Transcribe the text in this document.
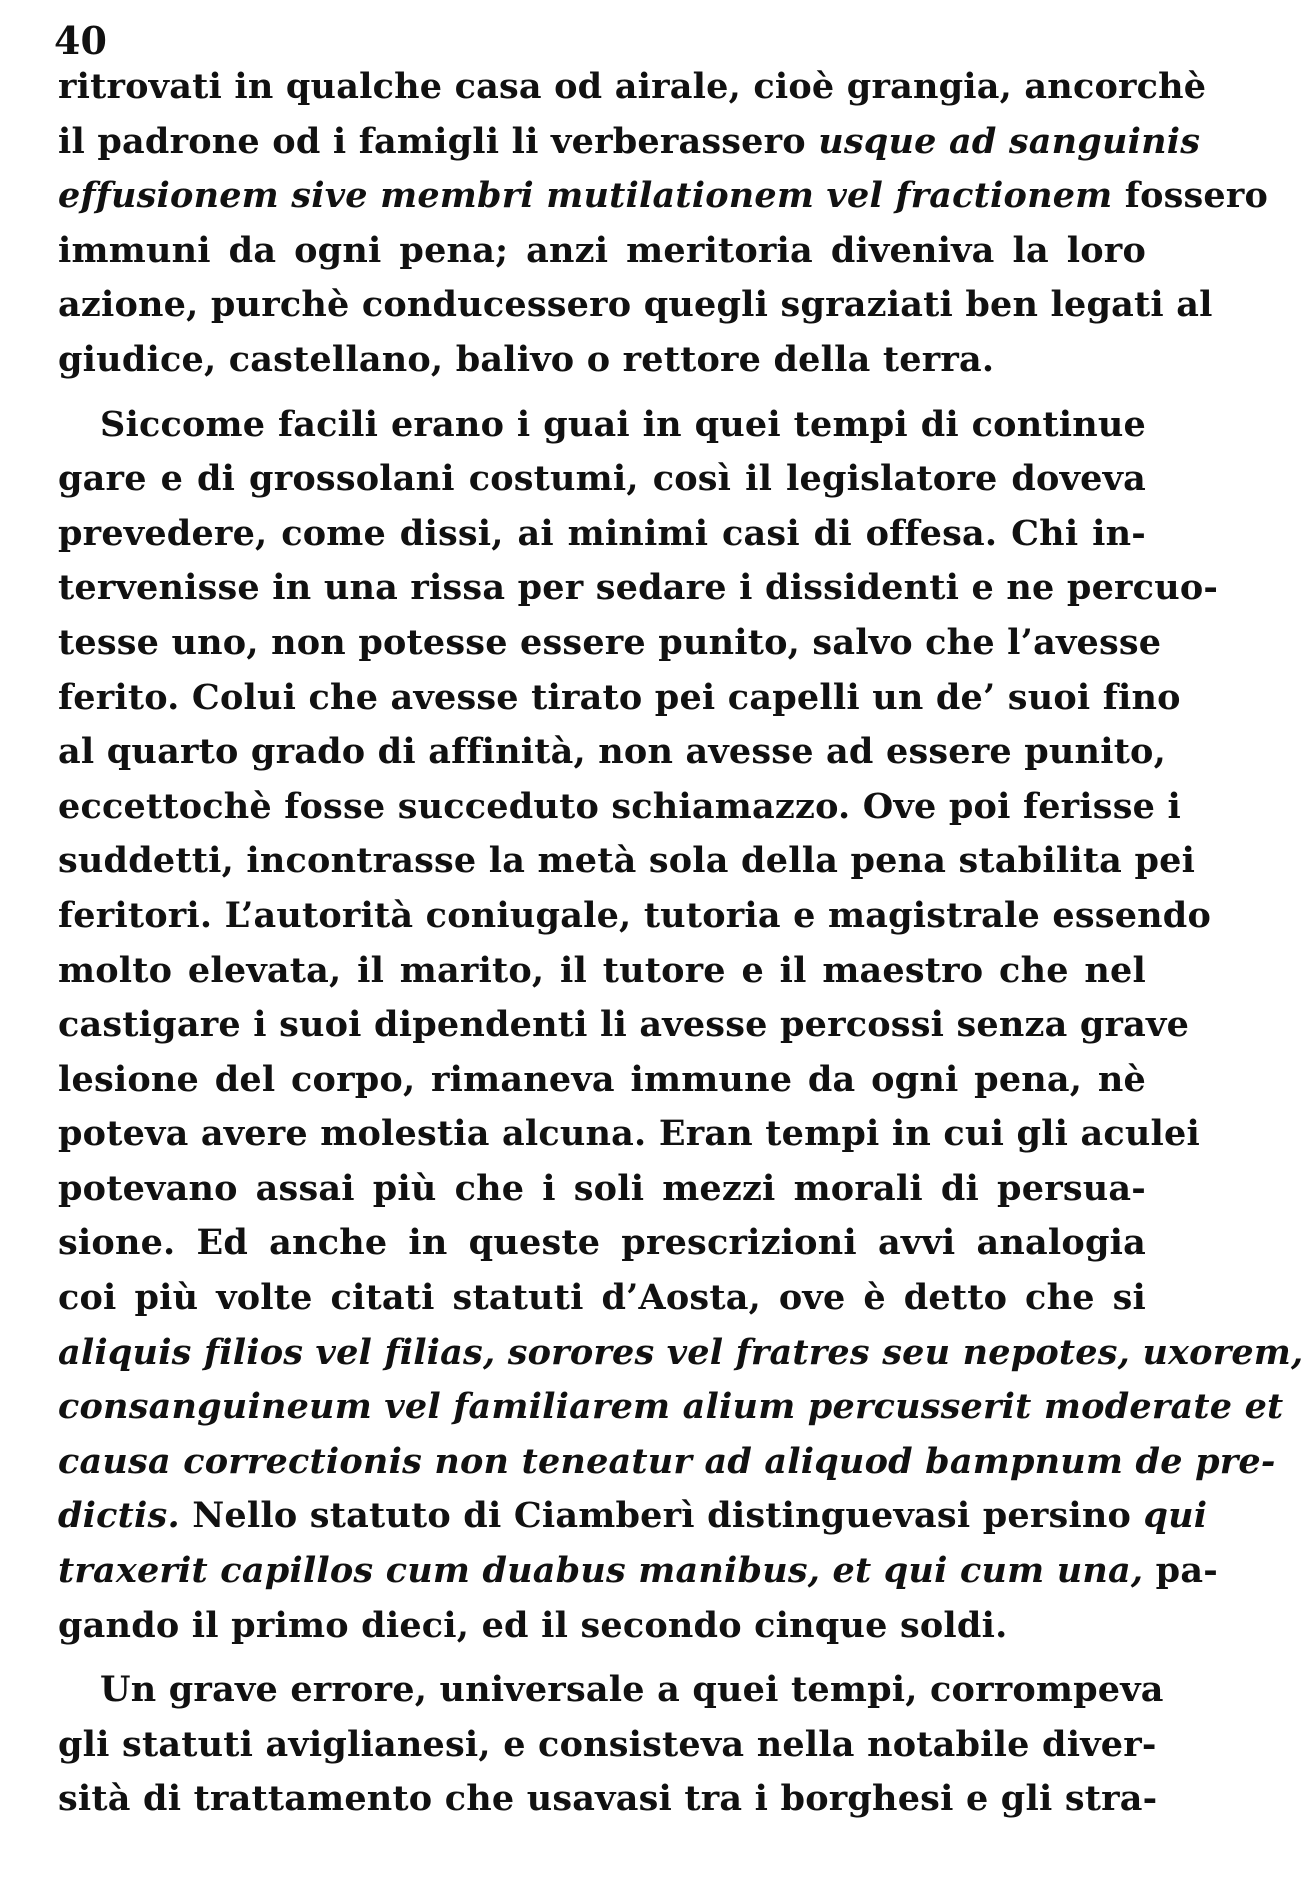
40
ritrovati in qualche casa od airale, cioè grangia, ancorchè
il padrone od i famigli li verberassero usque ad sanguinis
effusionem sive membri mutilationem vel fractionem fossero
immuni da ogni pena; anzi meritoria diveniva la loro
azione, purchè conducessero quegli sgraziati ben legati al
giudice, castellano, balivo o rettore della terra.
Siccome facili erano i guai in quei tempi di continue
gare e di grossolani costumi, così il legislatore doveva
prevedere, come dissi, ai minimi casi di offesa. Chi in-
tervenisse in una rissa per sedare i dissidenti e ne percuo-
tesse uno, non potesse essere punito, salvo che l’avesse
ferito. Colui che avesse tirato pei capelli un de’ suoi fino
al quarto grado di affinità, non avesse ad essere punito,
eccettochè fosse succeduto schiamazzo. Ove poi ferisse i
suddetti, incontrasse la metà sola della pena stabilita pei
feritori. L’autorità coniugale, tutoria e magistrale essendo
molto elevata, il marito, il tutore e il maestro che nel
castigare i suoi dipendenti li avesse percossi senza grave
lesione del corpo, rimaneva immune da ogni pena, nè
poteva avere molestia alcuna. Eran tempi in cui gli aculei
potevano assai più che i soli mezzi morali di persua-
sione. Ed anche in queste prescrizioni avvi analogia
coi più volte citati statuti d’Aosta, ove è detto che si
aliquis filios vel filias, sorores vel fratres seu nepotes, uxorem,
consanguineum vel familiarem alium percusserit moderate et
causa correctionis non teneatur ad aliquod bampnum de pre-
dictis. Nello statuto di Ciamberì distinguevasi persino qui
traxerit capillos cum duabus manibus, et qui cum una, pa-
gando il primo dieci, ed il secondo cinque soldi.
Un grave errore, universale a quei tempi, corrompeva
gli statuti aviglianesi, e consisteva nella notabile diver-
sità di trattamento che usavasi tra i borghesi e gli stra-
